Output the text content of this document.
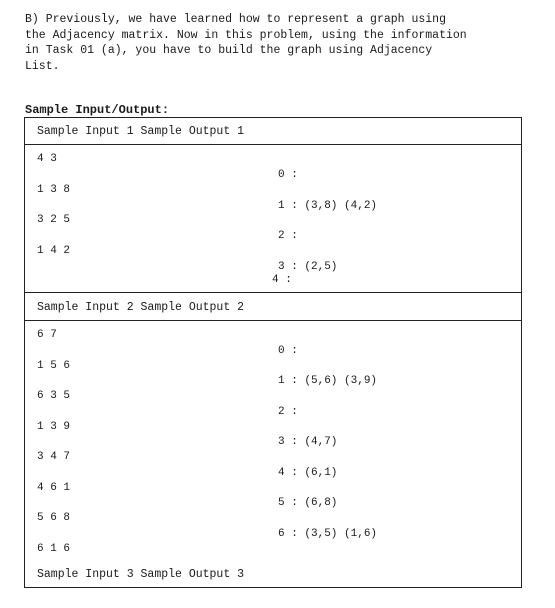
B) Previously, we have learned how to represent a graph using
the Adjacency matrix. Now in this problem, using the information
in Task 01 (a), you have to build the graph using Adjacency
List.

Sample Input/Output:

Sample Input 1 Sample Output 1
4 3
1 3 8
3 2 5
1 4 2
0 :
1 : (3,8) (4,2)
2 :
3 : (2,5)
4 :
Sample Input 2 Sample Output 2
6 7
1 5 6
6 3 5
1 3 9
3 4 7
4 6 1
5 6 8
6 1 6
0 :
1 : (5,6) (3,9)
2 :
3 : (4,7)
4 : (6,1)
5 : (6,8)
6 : (3,5) (1,6)
Sample Input 3 Sample Output 3
